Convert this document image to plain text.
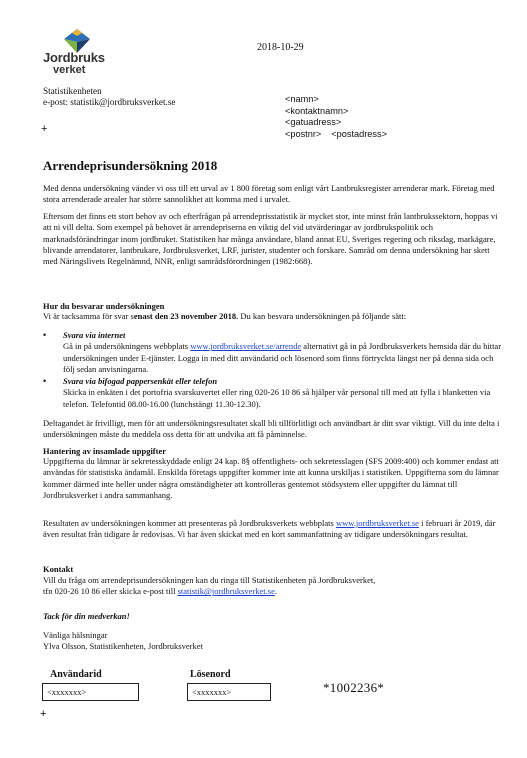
Jordbruks
verket
2018-10-29
Statistikenheten
e-post: statistik@jordbruksverket.se
+
<namn>
<kontaktnamn>
<gatuadress>
<postnr> <postadress>
Arrendeprisundersökning 2018
Med denna undersökning vänder vi oss till ett urval av 1 800 företag som enligt vårt Lantbruksregister arrenderar mark. Företag med stora arrenderade arealer har större sannolikhet att komma med i urvalet.
Eftersom det finns ett stort behov av och efterfrågan på arrendeprisstatistik är mycket stor, inte minst från lantbrukssektorn, hoppas vi att ni vill delta. Som exempel på behovet är arrendepriserna en viktig del vid utvärderingar av jordbrukspolitik och marknadsförändringar inom jordbruket. Statistiken har många användare, bland annat EU, Sveriges regering och riksdag, markägare, blivande arrendatorer, lantbrukare, Jordbruksverket, LRF, jurister, studenter och forskare. Samråd om denna undersökning har skett med Näringslivets Regelnämnd, NNR, enligt samrådsförordningen (1982:668).
Hur du besvarar undersökningen
Vi är tacksamma för svar senast den 23 november 2018. Du kan besvara undersökningen på följande sätt:
• Svara via internet
Gå in på undersökningens webbplats www.jordbruksverket.se/arrende alternativt gå in på Jordbruksverkets hemsida där du hittar undersökningen under E-tjänster. Logga in med ditt användarid och lösenord som finns förtryckta längst ner på denna sida och följ sedan anvisningarna.
• Svara via bifogad pappersenkät eller telefon
Skicka in enkäten i det portofria svarskuvertet eller ring 020-26 10 86 så hjälper vår personal till med att fylla i blanketten via telefon. Telefontid 08.00-16.00 (lunchstängt 11.30-12.30).
Deltagandet är frivilligt, men för att undersökningsresultatet skall bli tillförlitligt och användbart är ditt svar viktigt. Vill du inte delta i undersökningen måste du meddela oss detta för att undvika att få påminnelse.
Hantering av insamlade uppgifter
Uppgifterna du lämnar är sekretesskyddade enligt 24 kap. 8§ offentlighets- och sekretesslagen (SFS 2009:400) och kommer endast att användas för statistiska ändamål. Enskilda företags uppgifter kommer inte att kunna urskiljas i statistiken. Uppgifterna som du lämnar kommer därmed inte heller under några omständigheter att kontrolleras gentemot stödsystem eller uppgifter du lämnat till Jordbruksverket i andra sammanhang.
Resultaten av undersökningen kommer att presenteras på Jordbruksverkets webbplats www.jordbruksverket.se i februari år 2019, där även resultat från tidigare år redovisas. Vi har även skickat med en kort sammanfattning av tidigare undersökningars resultat.
Kontakt
Vill du fråga om arrendeprisundersökningen kan du ringa till Statistikenheten på Jordbruksverket,
tfn 020-26 10 86 eller skicka e-post till statistik@jordbruksverket.se.
Tack för din medverkan!
Vänliga hälsningar
Ylva Olsson, Statistikenheten, Jordbruksverket
Användarid	Lösenord
<xxxxxxx>	<xxxxxxx>	*1002236*
+
